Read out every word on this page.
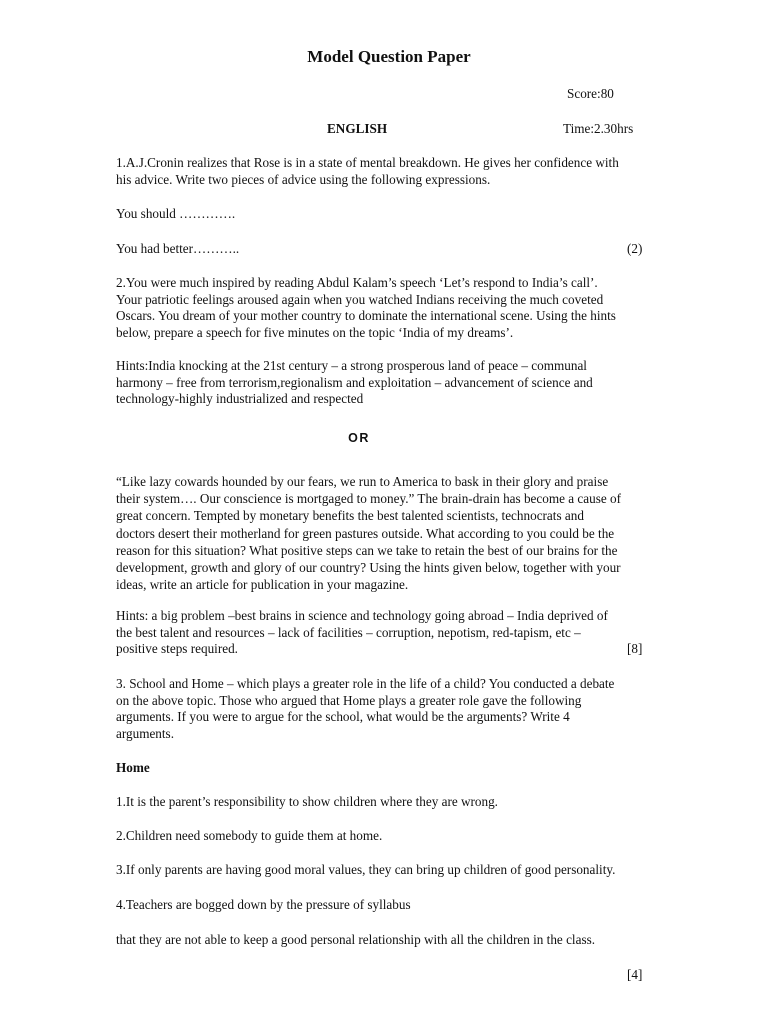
Model Question Paper
Score:80
ENGLISH	Time:2.30hrs
1.A.J.Cronin realizes that Rose is in a state of mental breakdown. He gives her confidence with
his advice. Write two pieces of advice using the following expressions.
You should ………….
You had better………..	(2)
2.You were much inspired by reading Abdul Kalam’s speech ‘Let’s respond to India’s call’.
Your patriotic feelings aroused again when you watched Indians receiving the much coveted
Oscars. You dream of your mother country to dominate the international scene. Using the hints
below, prepare a speech for five minutes on the topic ‘India of my dreams’.
Hints:India knocking at the 21st century – a strong prosperous land of peace – communal
harmony – free from terrorism,regionalism and exploitation – advancement of science and
technology-highly industrialized and respected
OR
“Like lazy cowards hounded by our fears, we run to America to bask in their glory and praise
their system…. Our conscience is mortgaged to money.” The brain-drain has become a cause of
great concern. Tempted by monetary benefits the best talented scientists, technocrats and
doctors desert their motherland for green pastures outside. What according to you could be the
reason for this situation? What positive steps can we take to retain the best of our brains for the
development, growth and glory of our country? Using the hints given below, together with your
ideas, write an article for publication in your magazine.
Hints: a big problem –best brains in science and technology going abroad – India deprived of
the best talent and resources – lack of facilities – corruption, nepotism, red-tapism, etc –
positive steps required.	[8]
3. School and Home – which plays a greater role in the life of a child? You conducted a debate
on the above topic. Those who argued that Home plays a greater role gave the following
arguments. If you were to argue for the school, what would be the arguments? Write 4
arguments.
Home
1.It is the parent’s responsibility to show children where they are wrong.
2.Children need somebody to guide them at home.
3.If only parents are having good moral values, they can bring up children of good personality.
4.Teachers are bogged down by the pressure of syllabus
that they are not able to keep a good personal relationship with all the children in the class.
[4]
